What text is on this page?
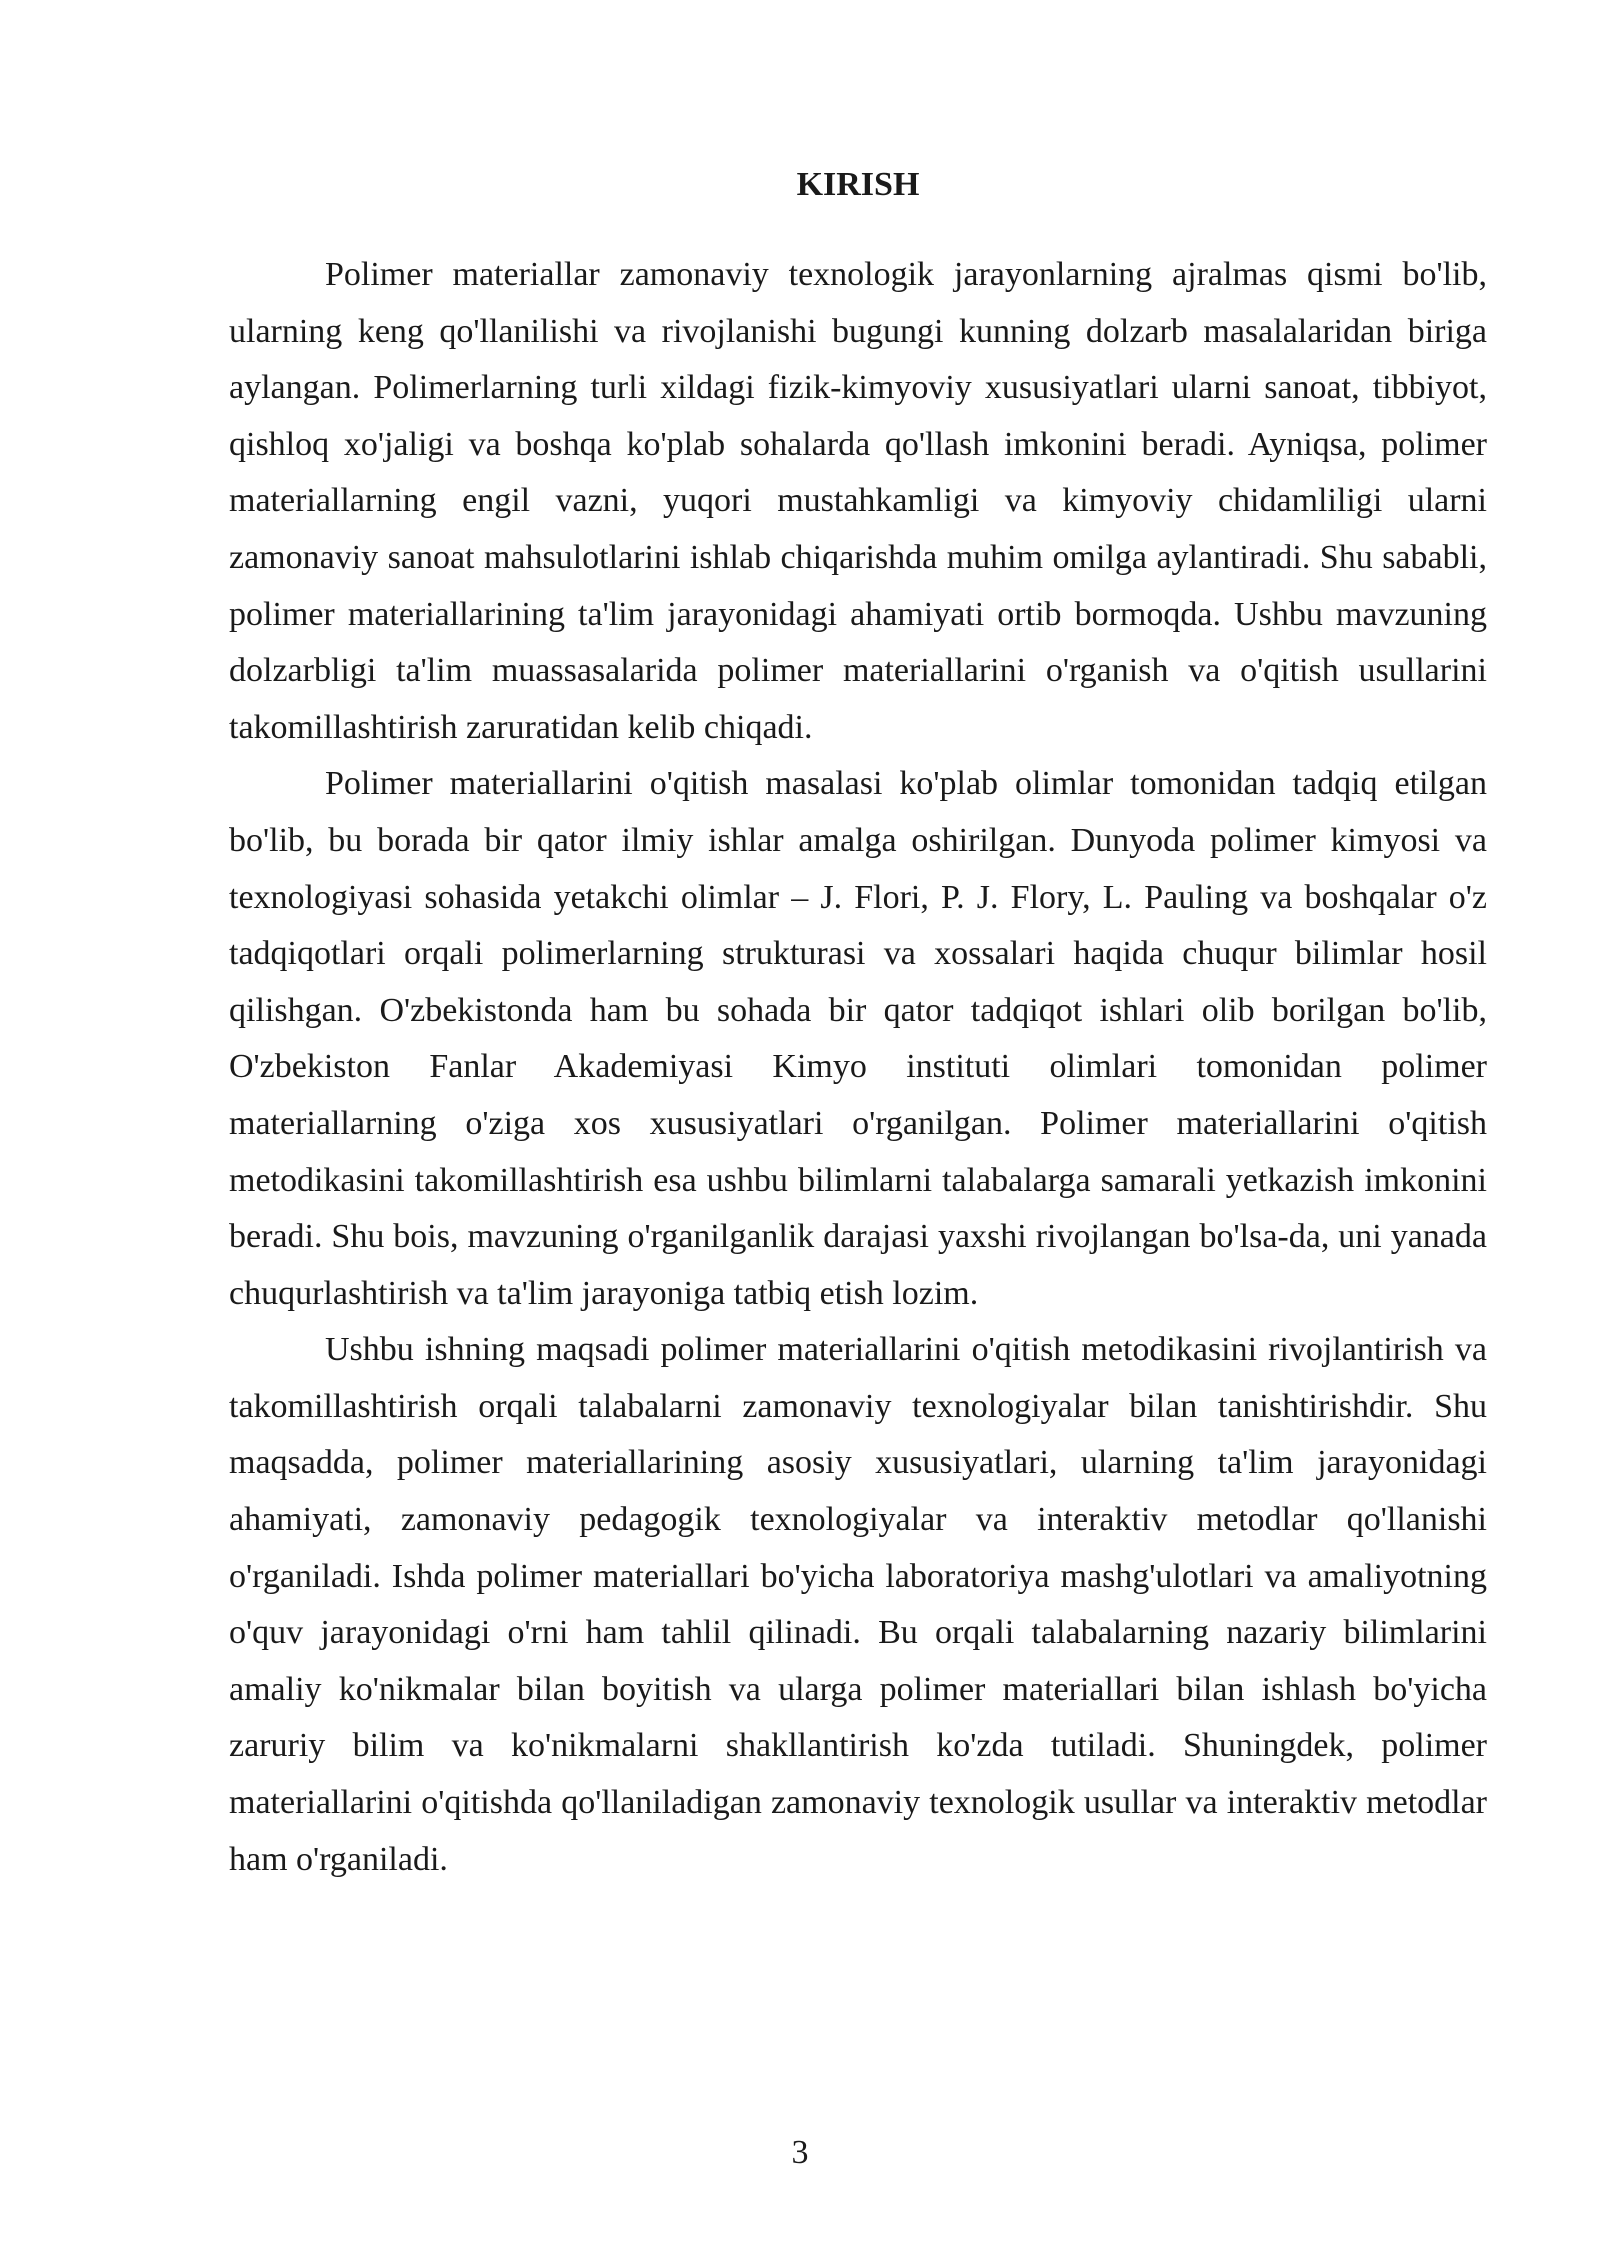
KIRISH

Polimer materiallar zamonaviy texnologik jarayonlarning ajralmas qismi bo'lib, ularning keng qo'llanilishi va rivojlanishi bugungi kunning dolzarb masalalaridan biriga aylangan. Polimerlarning turli xildagi fizik-kimyoviy xususiyatlari ularni sanoat, tibbiyot, qishloq xo'jaligi va boshqa ko'plab sohalarda qo'llash imkonini beradi. Ayniqsa, polimer materiallarning engil vazni, yuqori mustahkamligi va kimyoviy chidamliligi ularni zamonaviy sanoat mahsulotlarini ishlab chiqarishda muhim omilga aylantiradi. Shu sababli, polimer materiallarining ta'lim jarayonidagi ahamiyati ortib bormoqda. Ushbu mavzuning dolzarbligi ta'lim muassasalarida polimer materiallarini o'rganish va o'qitish usullarini takomillashtirish zaruratidan kelib chiqadi.

Polimer materiallarini o'qitish masalasi ko'plab olimlar tomonidan tadqiq etilgan bo'lib, bu borada bir qator ilmiy ishlar amalga oshirilgan. Dunyoda polimer kimyosi va texnologiyasi sohasida yetakchi olimlar – J. Flori, P. J. Flory, L. Pauling va boshqalar o'z tadqiqotlari orqali polimerlarning strukturasi va xossalari haqida chuqur bilimlar hosil qilishgan. O'zbekistonda ham bu sohada bir qator tadqiqot ishlari olib borilgan bo'lib, O'zbekiston Fanlar Akademiyasi Kimyo instituti olimlari tomonidan polimer materiallarning o'ziga xos xususiyatlari o'rganilgan. Polimer materiallarini o'qitish metodikasini takomillashtirish esa ushbu bilimlarni talabalarga samarali yetkazish imkonini beradi. Shu bois, mavzuning o'rganilganlik darajasi yaxshi rivojlangan bo'lsa-da, uni yanada chuqurlashtirish va ta'lim jarayoniga tatbiq etish lozim.

Ushbu ishning maqsadi polimer materiallarini o'qitish metodikasini rivojlantirish va takomillashtirish orqali talabalarni zamonaviy texnologiyalar bilan tanishtirishdir. Shu maqsadda, polimer materiallarining asosiy xususiyatlari, ularning ta'lim jarayonidagi ahamiyati, zamonaviy pedagogik texnologiyalar va interaktiv metodlar qo'llanishi o'rganiladi. Ishda polimer materiallari bo'yicha laboratoriya mashg'ulotlari va amaliyotning o'quv jarayonidagi o'rni ham tahlil qilinadi. Bu orqali talabalarning nazariy bilimlarini amaliy ko'nikmalar bilan boyitish va ularga polimer materiallari bilan ishlash bo'yicha zaruriy bilim va ko'nikmalarni shakllantirish ko'zda tutiladi. Shuningdek, polimer materiallarini o'qitishda qo'llaniladigan zamonaviy texnologik usullar va interaktiv metodlar ham o'rganiladi.

3
